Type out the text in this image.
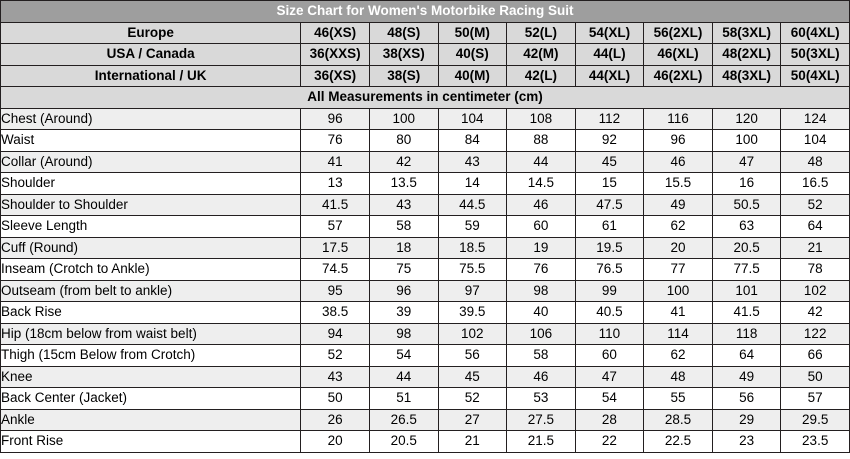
Size Chart for Women's Motorbike Racing Suit								
Europe	46(XS)	48(S)	50(M)	52(L)	54(XL)	56(2XL)	58(3XL)	60(4XL)
USA / Canada	36(XXS)	38(XS)	40(S)	42(M)	44(L)	46(XL)	48(2XL)	50(3XL)
International / UK	36(XS)	38(S)	40(M)	42(L)	44(XL)	46(2XL)	48(3XL)	50(4XL)
All Measurements in centimeter (cm)								
Chest (Around)	96	100	104	108	112	116	120	124
Waist	76	80	84	88	92	96	100	104
Collar (Around)	41	42	43	44	45	46	47	48
Shoulder	13	13.5	14	14.5	15	15.5	16	16.5
Shoulder to Shoulder	41.5	43	44.5	46	47.5	49	50.5	52
Sleeve Length	57	58	59	60	61	62	63	64
Cuff (Round)	17.5	18	18.5	19	19.5	20	20.5	21
Inseam (Crotch to Ankle)	74.5	75	75.5	76	76.5	77	77.5	78
Outseam (from belt to ankle)	95	96	97	98	99	100	101	102
Back Rise	38.5	39	39.5	40	40.5	41	41.5	42
Hip (18cm below from waist belt)	94	98	102	106	110	114	118	122
Thigh (15cm Below from Crotch)	52	54	56	58	60	62	64	66
Knee	43	44	45	46	47	48	49	50
Back Center (Jacket)	50	51	52	53	54	55	56	57
Ankle	26	26.5	27	27.5	28	28.5	29	29.5
Front Rise	20	20.5	21	21.5	22	22.5	23	23.5
